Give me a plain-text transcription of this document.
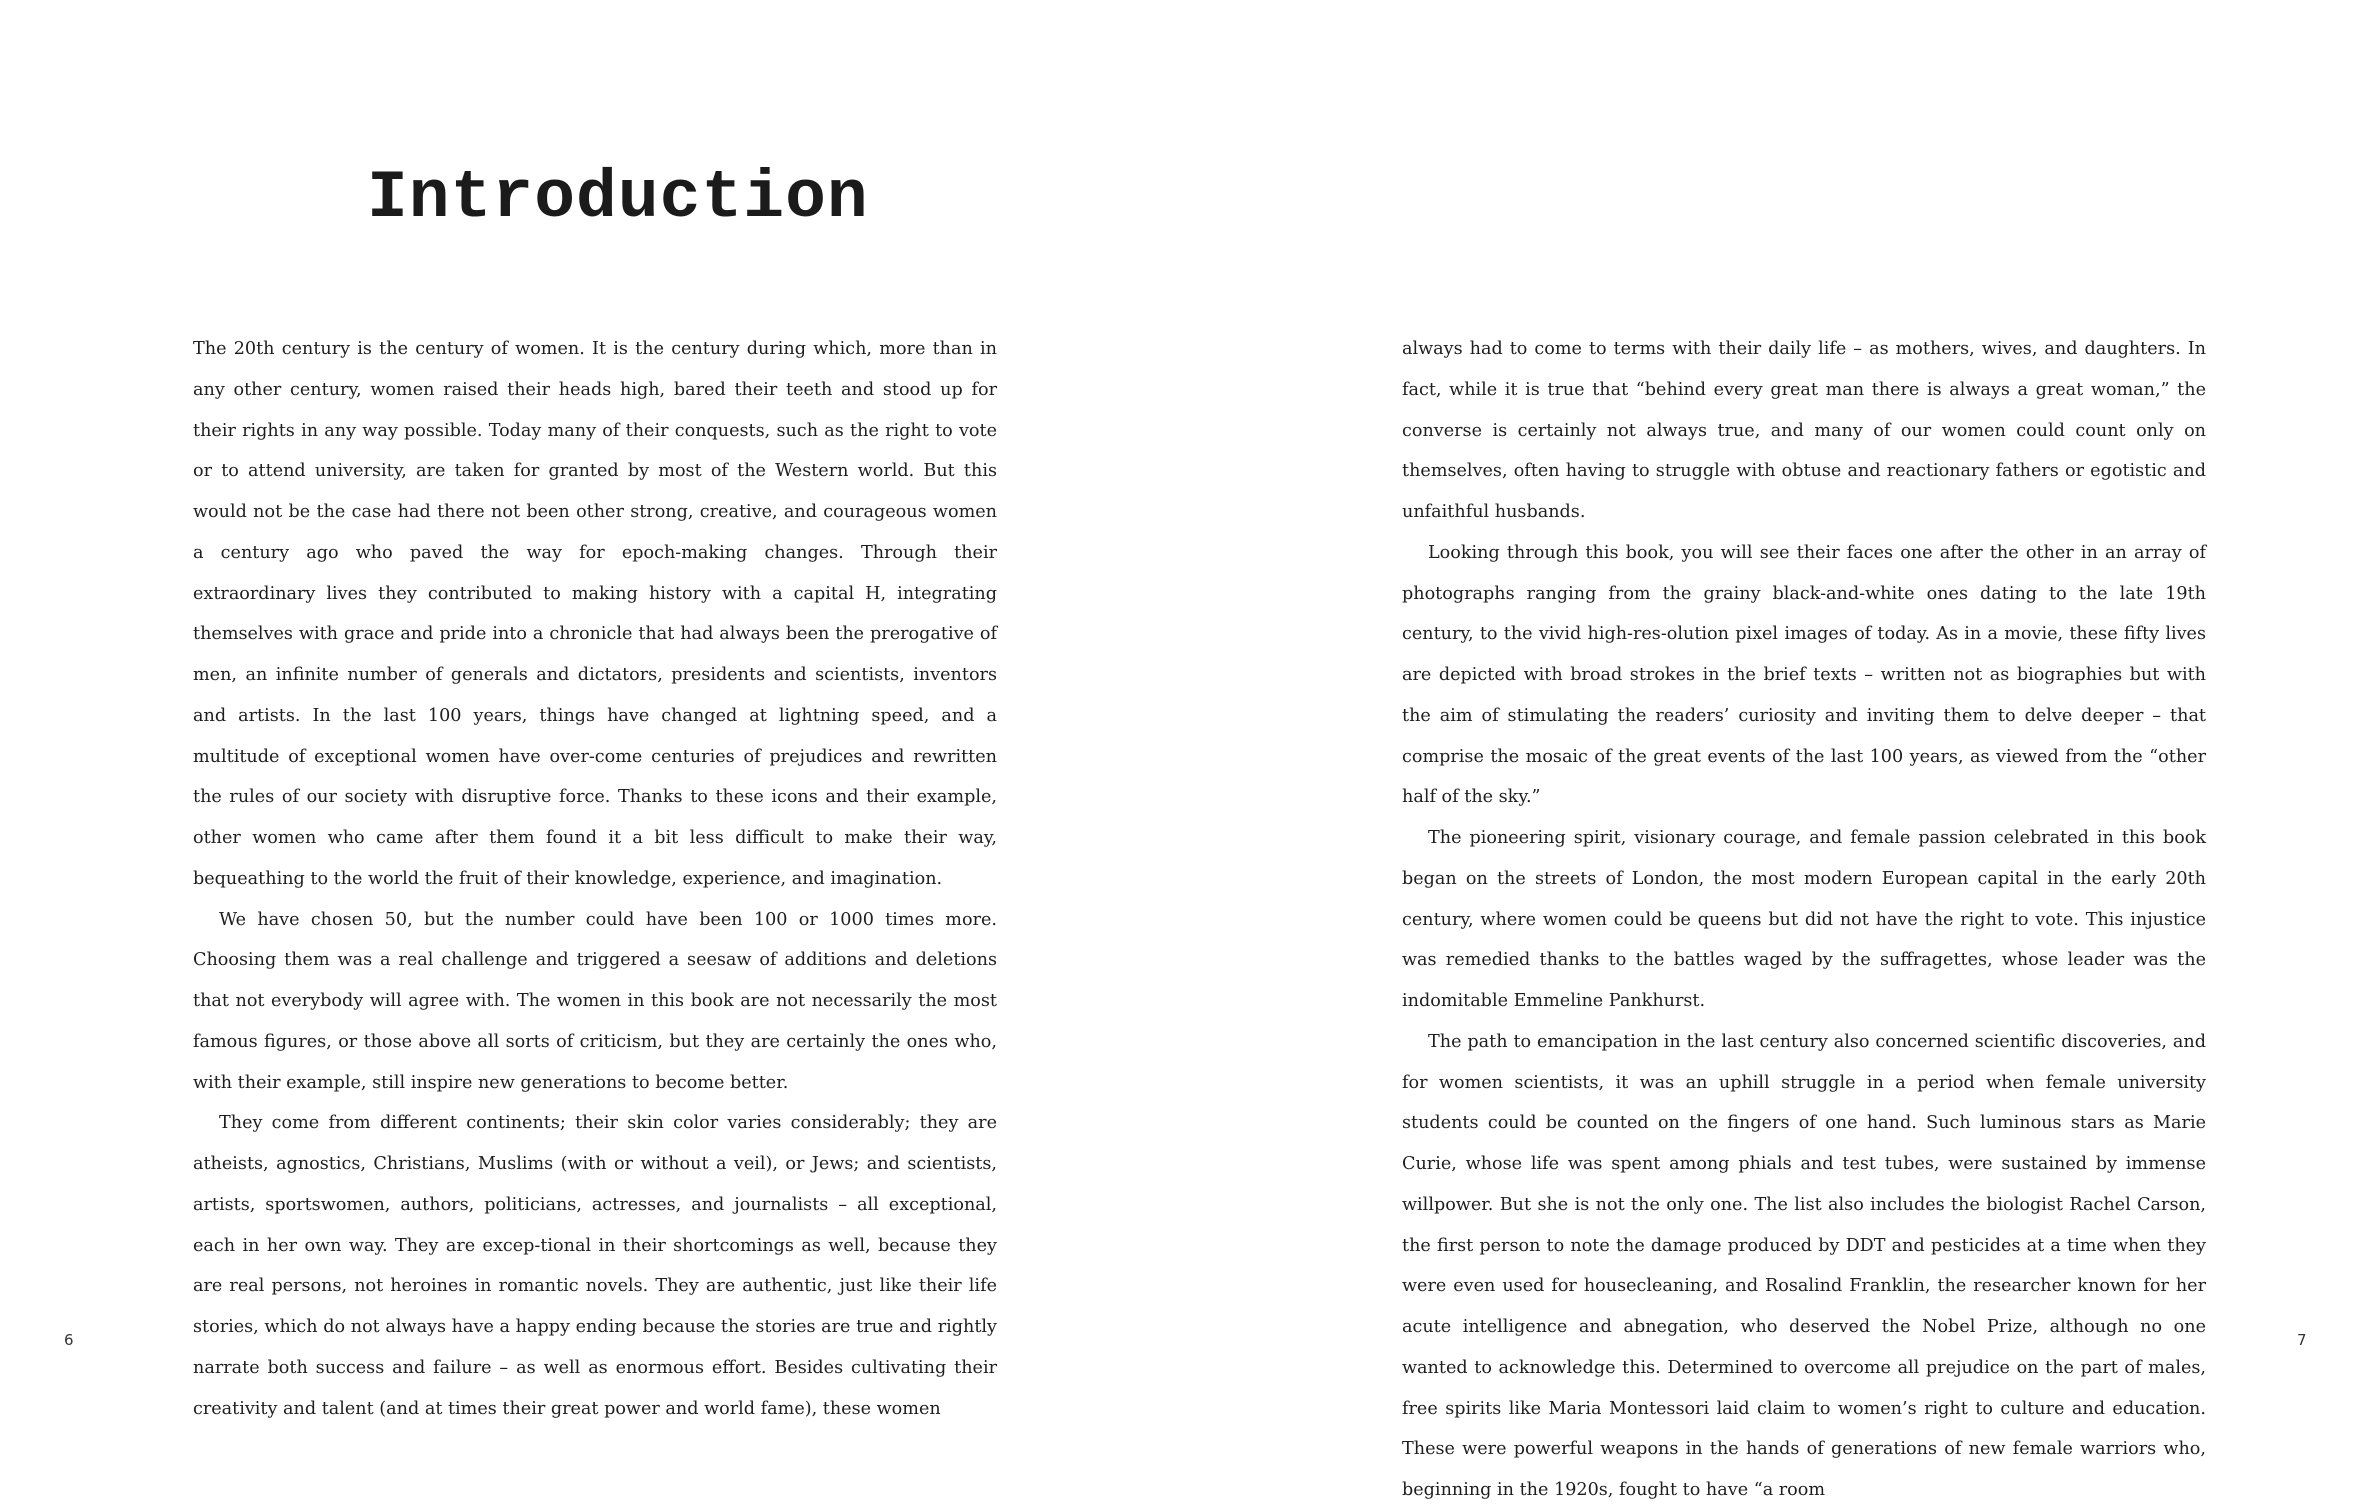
Introduction

The 20th century is the century of women. It is the century during which, more than in any other century, women raised their heads high, bared their teeth and stood up for their rights in any way possible. Today many of their conquests, such as the right to vote or to attend university, are taken for granted by most of the Western world. But this would not be the case had there not been other strong, creative, and courageous women a century ago who paved the way for epoch-making changes. Through their extraordinary lives they contributed to making history with a capital H, integrating themselves with grace and pride into a chronicle that had always been the prerogative of men, an infinite number of generals and dictators, presidents and scientists, inventors and artists. In the last 100 years, things have changed at lightning speed, and a multitude of exceptional women have over-come centuries of prejudices and rewritten the rules of our society with disruptive force. Thanks to these icons and their example, other women who came after them found it a bit less difficult to make their way, bequeathing to the world the fruit of their knowledge, experience, and imagination.

We have chosen 50, but the number could have been 100 or 1000 times more. Choosing them was a real challenge and triggered a seesaw of additions and deletions that not everybody will agree with. The women in this book are not necessarily the most famous figures, or those above all sorts of criticism, but they are certainly the ones who, with their example, still inspire new generations to become better.

They come from different continents; their skin color varies considerably; they are atheists, agnostics, Christians, Muslims (with or without a veil), or Jews; and scientists, artists, sportswomen, authors, politicians, actresses, and journalists – all exceptional, each in her own way. They are excep-tional in their shortcomings as well, because they are real persons, not heroines in romantic novels. They are authentic, just like their life stories, which do not always have a happy ending because the stories are true and rightly narrate both success and failure – as well as enormous effort. Besides cultivating their creativity and talent (and at times their great power and world fame), these women

6

always had to come to terms with their daily life – as mothers, wives, and daughters. In fact, while it is true that “behind every great man there is always a great woman,” the converse is certainly not always true, and many of our women could count only on themselves, often having to struggle with obtuse and reactionary fathers or egotistic and unfaithful husbands.

Looking through this book, you will see their faces one after the other in an array of photographs ranging from the grainy black-and-white ones dating to the late 19th century, to the vivid high-res-olution pixel images of today. As in a movie, these fifty lives are depicted with broad strokes in the brief texts – written not as biographies but with the aim of stimulating the readers’ curiosity and inviting them to delve deeper – that comprise the mosaic of the great events of the last 100 years, as viewed from the “other half of the sky.”

The pioneering spirit, visionary courage, and female passion celebrated in this book began on the streets of London, the most modern European capital in the early 20th century, where women could be queens but did not have the right to vote. This injustice was remedied thanks to the battles waged by the suffragettes, whose leader was the indomitable Emmeline Pankhurst.

The path to emancipation in the last century also concerned scientific discoveries, and for women scientists, it was an uphill struggle in a period when female university students could be counted on the fingers of one hand. Such luminous stars as Marie Curie, whose life was spent among phials and test tubes, were sustained by immense willpower. But she is not the only one. The list also includes the biologist Rachel Carson, the first person to note the damage produced by DDT and pesticides at a time when they were even used for housecleaning, and Rosalind Franklin, the researcher known for her acute intelligence and abnegation, who deserved the Nobel Prize, although no one wanted to acknowledge this. Determined to overcome all prejudice on the part of males, free spirits like Maria Montessori laid claim to women’s right to culture and education. These were powerful weapons in the hands of generations of new female warriors who, beginning in the 1920s, fought to have “a room

7
